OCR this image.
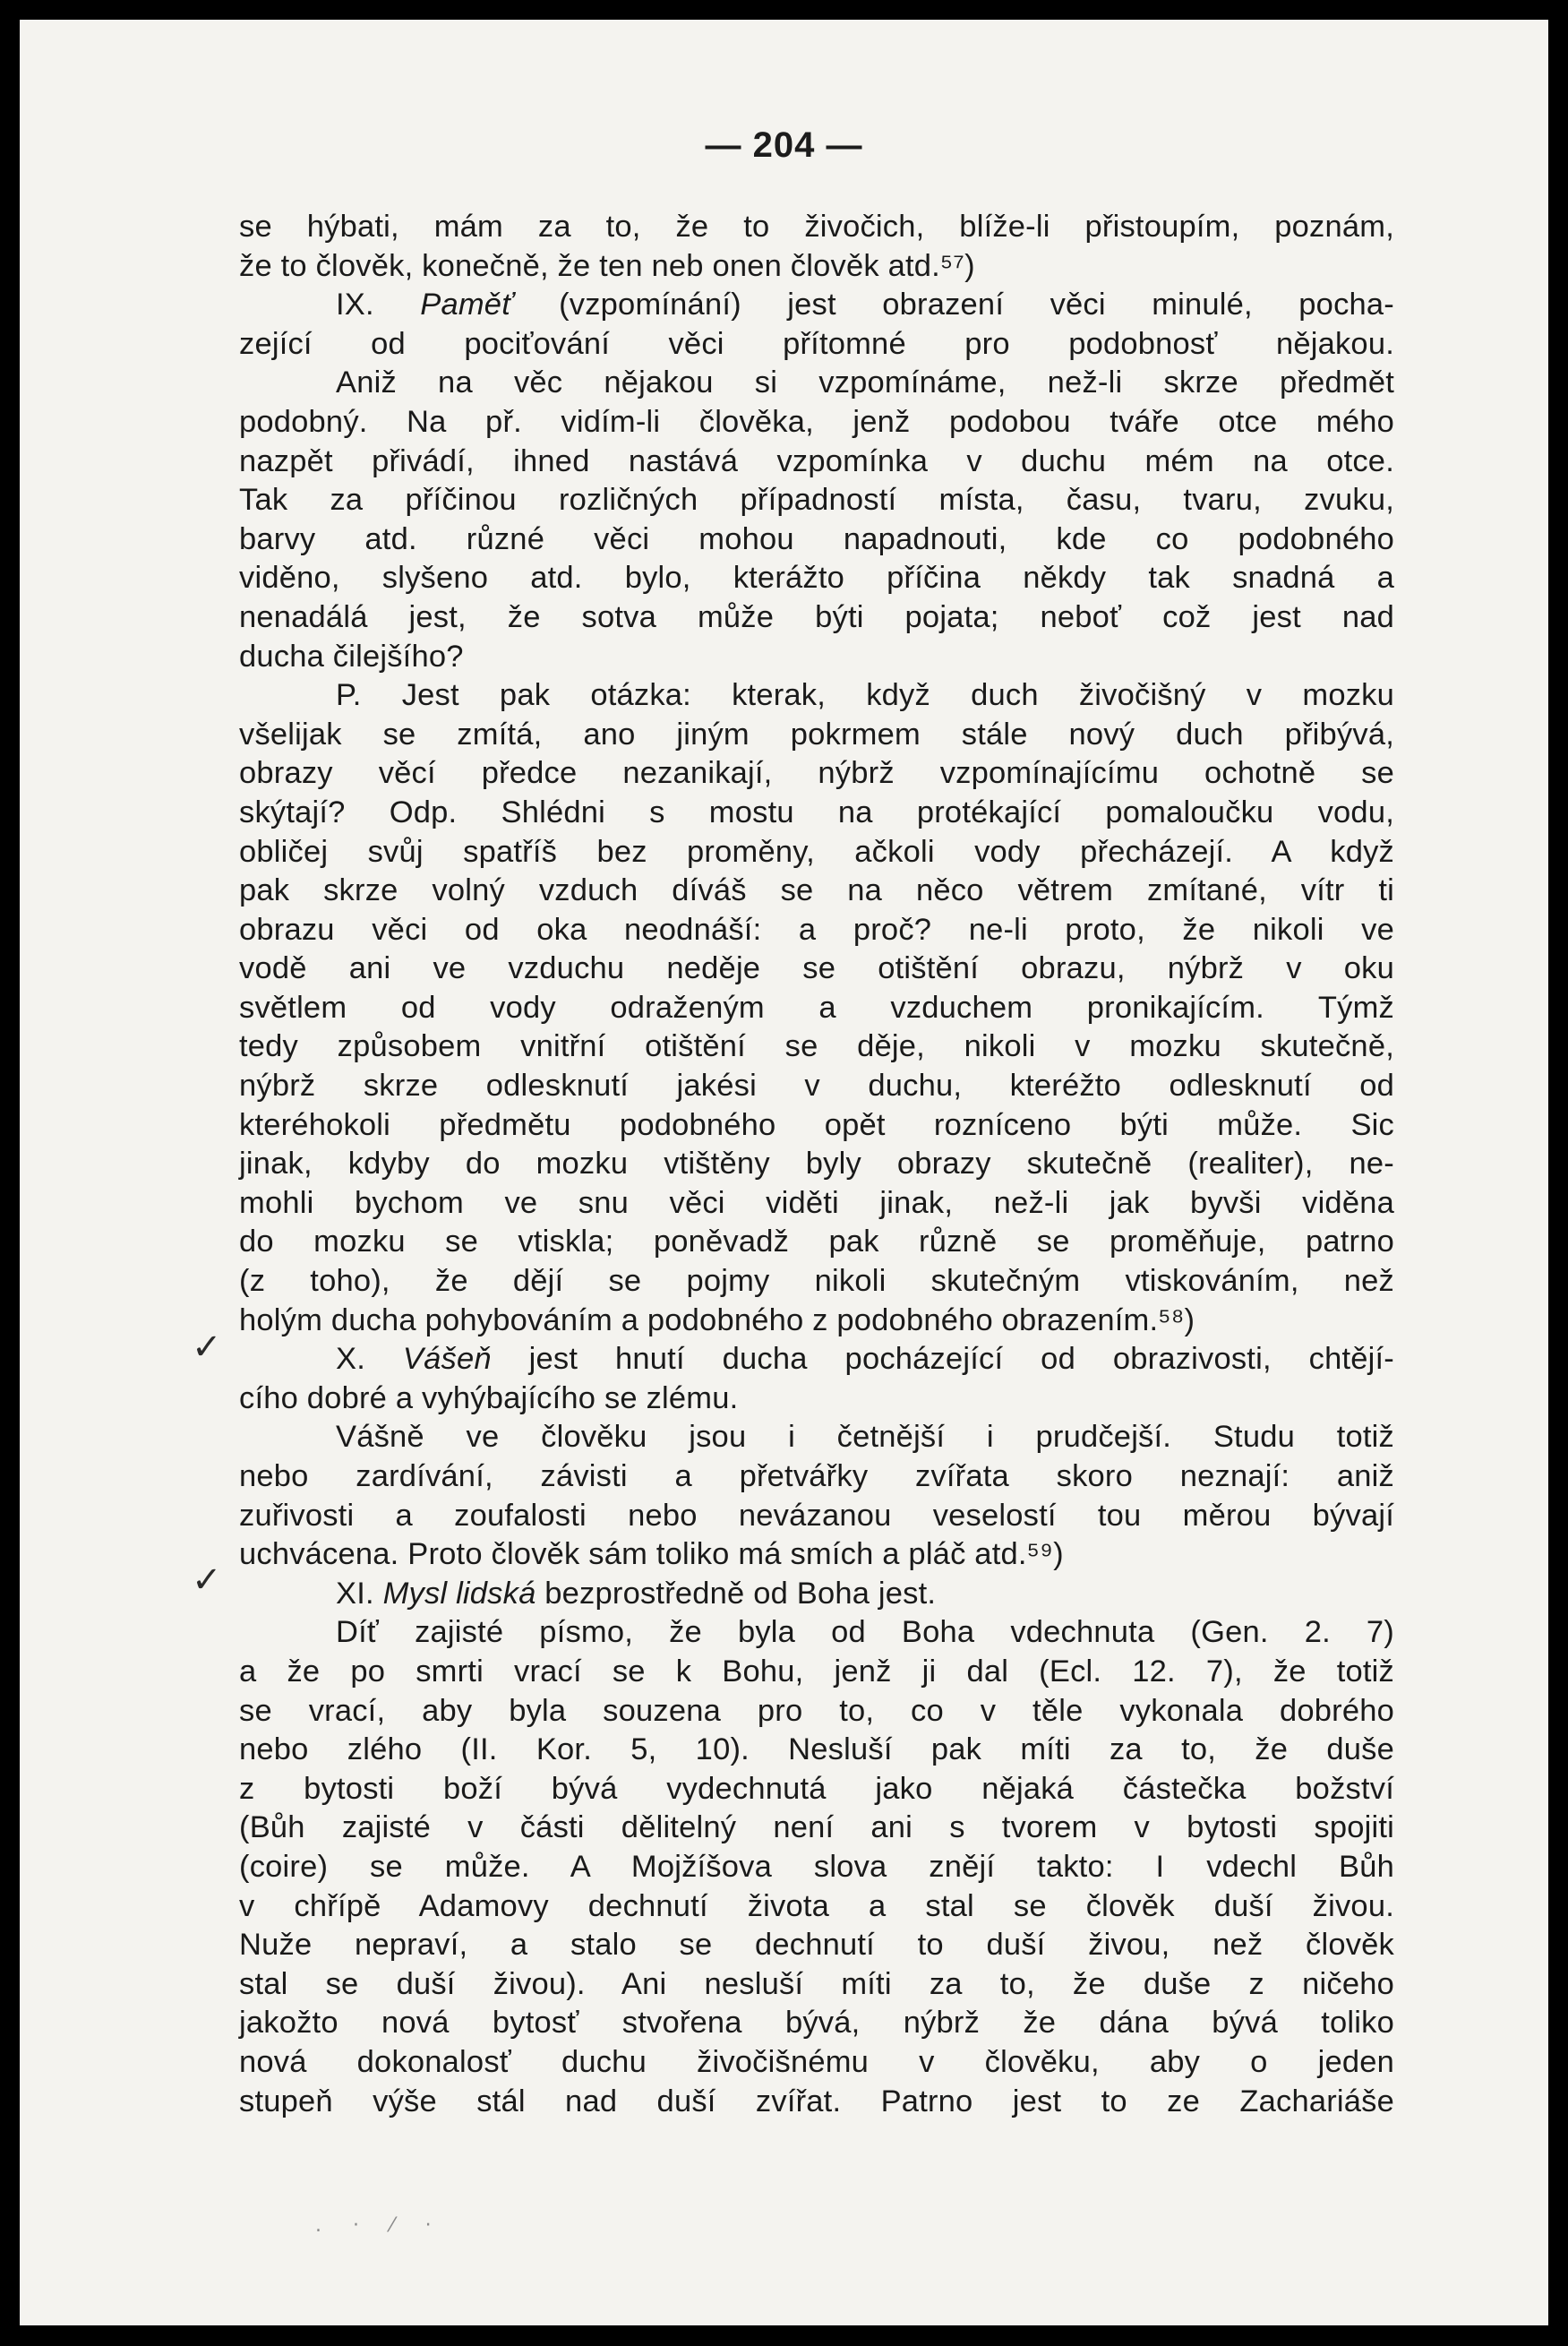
— 204 —
✓
✓
. · ⁄ ·
se hýbati, mám za to, že to živočich, blíže-li přistoupím, poznám,
že to člověk, konečně, že ten neb onen člověk atd.⁵⁷)
IX. Paměť (vzpomínání) jest obrazení věci minulé, pocha-
zející od pociťování věci přítomné pro podobnosť nějakou.
Aniž na věc nějakou si vzpomínáme, než-li skrze předmět
podobný. Na př. vidím-li člověka, jenž podobou tváře otce mého
nazpět přivádí, ihned nastává vzpomínka v duchu mém na otce.
Tak za příčinou rozličných případností místa, času, tvaru, zvuku,
barvy atd. různé věci mohou napadnouti, kde co podobného
viděno, slyšeno atd. bylo, kterážto příčina někdy tak snadná a
nenadálá jest, že sotva může býti pojata; neboť což jest nad
ducha čilejšího?
P. Jest pak otázka: kterak, když duch živočišný v mozku
všelijak se zmítá, ano jiným pokrmem stále nový duch přibývá,
obrazy věcí předce nezanikají, nýbrž vzpomínajícímu ochotně se
skýtají? Odp. Shlédni s mostu na protékající pomaloučku vodu,
obličej svůj spatříš bez proměny, ačkoli vody přecházejí. A když
pak skrze volný vzduch díváš se na něco větrem zmítané, vítr ti
obrazu věci od oka neodnáší: a proč? ne-li proto, že nikoli ve
vodě ani ve vzduchu neděje se otištění obrazu, nýbrž v oku
světlem od vody odraženým a vzduchem pronikajícím. Týmž
tedy způsobem vnitřní otištění se děje, nikoli v mozku skutečně,
nýbrž skrze odlesknutí jakési v duchu, kteréžto odlesknutí od
kteréhokoli předmětu podobného opět rozníceno býti může. Sic
jinak, kdyby do mozku vtištěny byly obrazy skutečně (realiter), ne-
mohli bychom ve snu věci viděti jinak, než-li jak byvši viděna
do mozku se vtiskla; poněvadž pak různě se proměňuje, patrno
(z toho), že dějí se pojmy nikoli skutečným vtiskováním, než
holým ducha pohybováním a podobného z podobného obrazením.⁵⁸)
X. Vášeň jest hnutí ducha pocházející od obrazivosti, chtějí-
cího dobré a vyhýbajícího se zlému.
Vášně ve člověku jsou i četnější i prudčejší. Studu totiž
nebo zardívání, závisti a přetvářky zvířata skoro neznají: aniž
zuřivosti a zoufalosti nebo nevázanou veselostí tou měrou bývají
uchvácena. Proto člověk sám toliko má smích a pláč atd.⁵⁹)
XI. Mysl lidská bezprostředně od Boha jest.
Díť zajisté písmo, že byla od Boha vdechnuta (Gen. 2. 7)
a že po smrti vrací se k Bohu, jenž ji dal (Ecl. 12. 7), že totiž
se vrací, aby byla souzena pro to, co v těle vykonala dobrého
nebo zlého (II. Kor. 5, 10). Nesluší pak míti za to, že duše
z bytosti boží bývá vydechnutá jako nějaká částečka božství
(Bůh zajisté v části dělitelný není ani s tvorem v bytosti spojiti
(coire) se může. A Mojžíšova slova znějí takto: I vdechl Bůh
v chřípě Adamovy dechnutí života a stal se člověk duší živou.
Nuže nepraví, a stalo se dechnutí to duší živou, než člověk
stal se duší živou). Ani nesluší míti za to, že duše z ničeho
jakožto nová bytosť stvořena bývá, nýbrž že dána bývá toliko
nová dokonalosť duchu živočišnému v člověku, aby o jeden
stupeň výše stál nad duší zvířat. Patrno jest to ze Zachariáše
